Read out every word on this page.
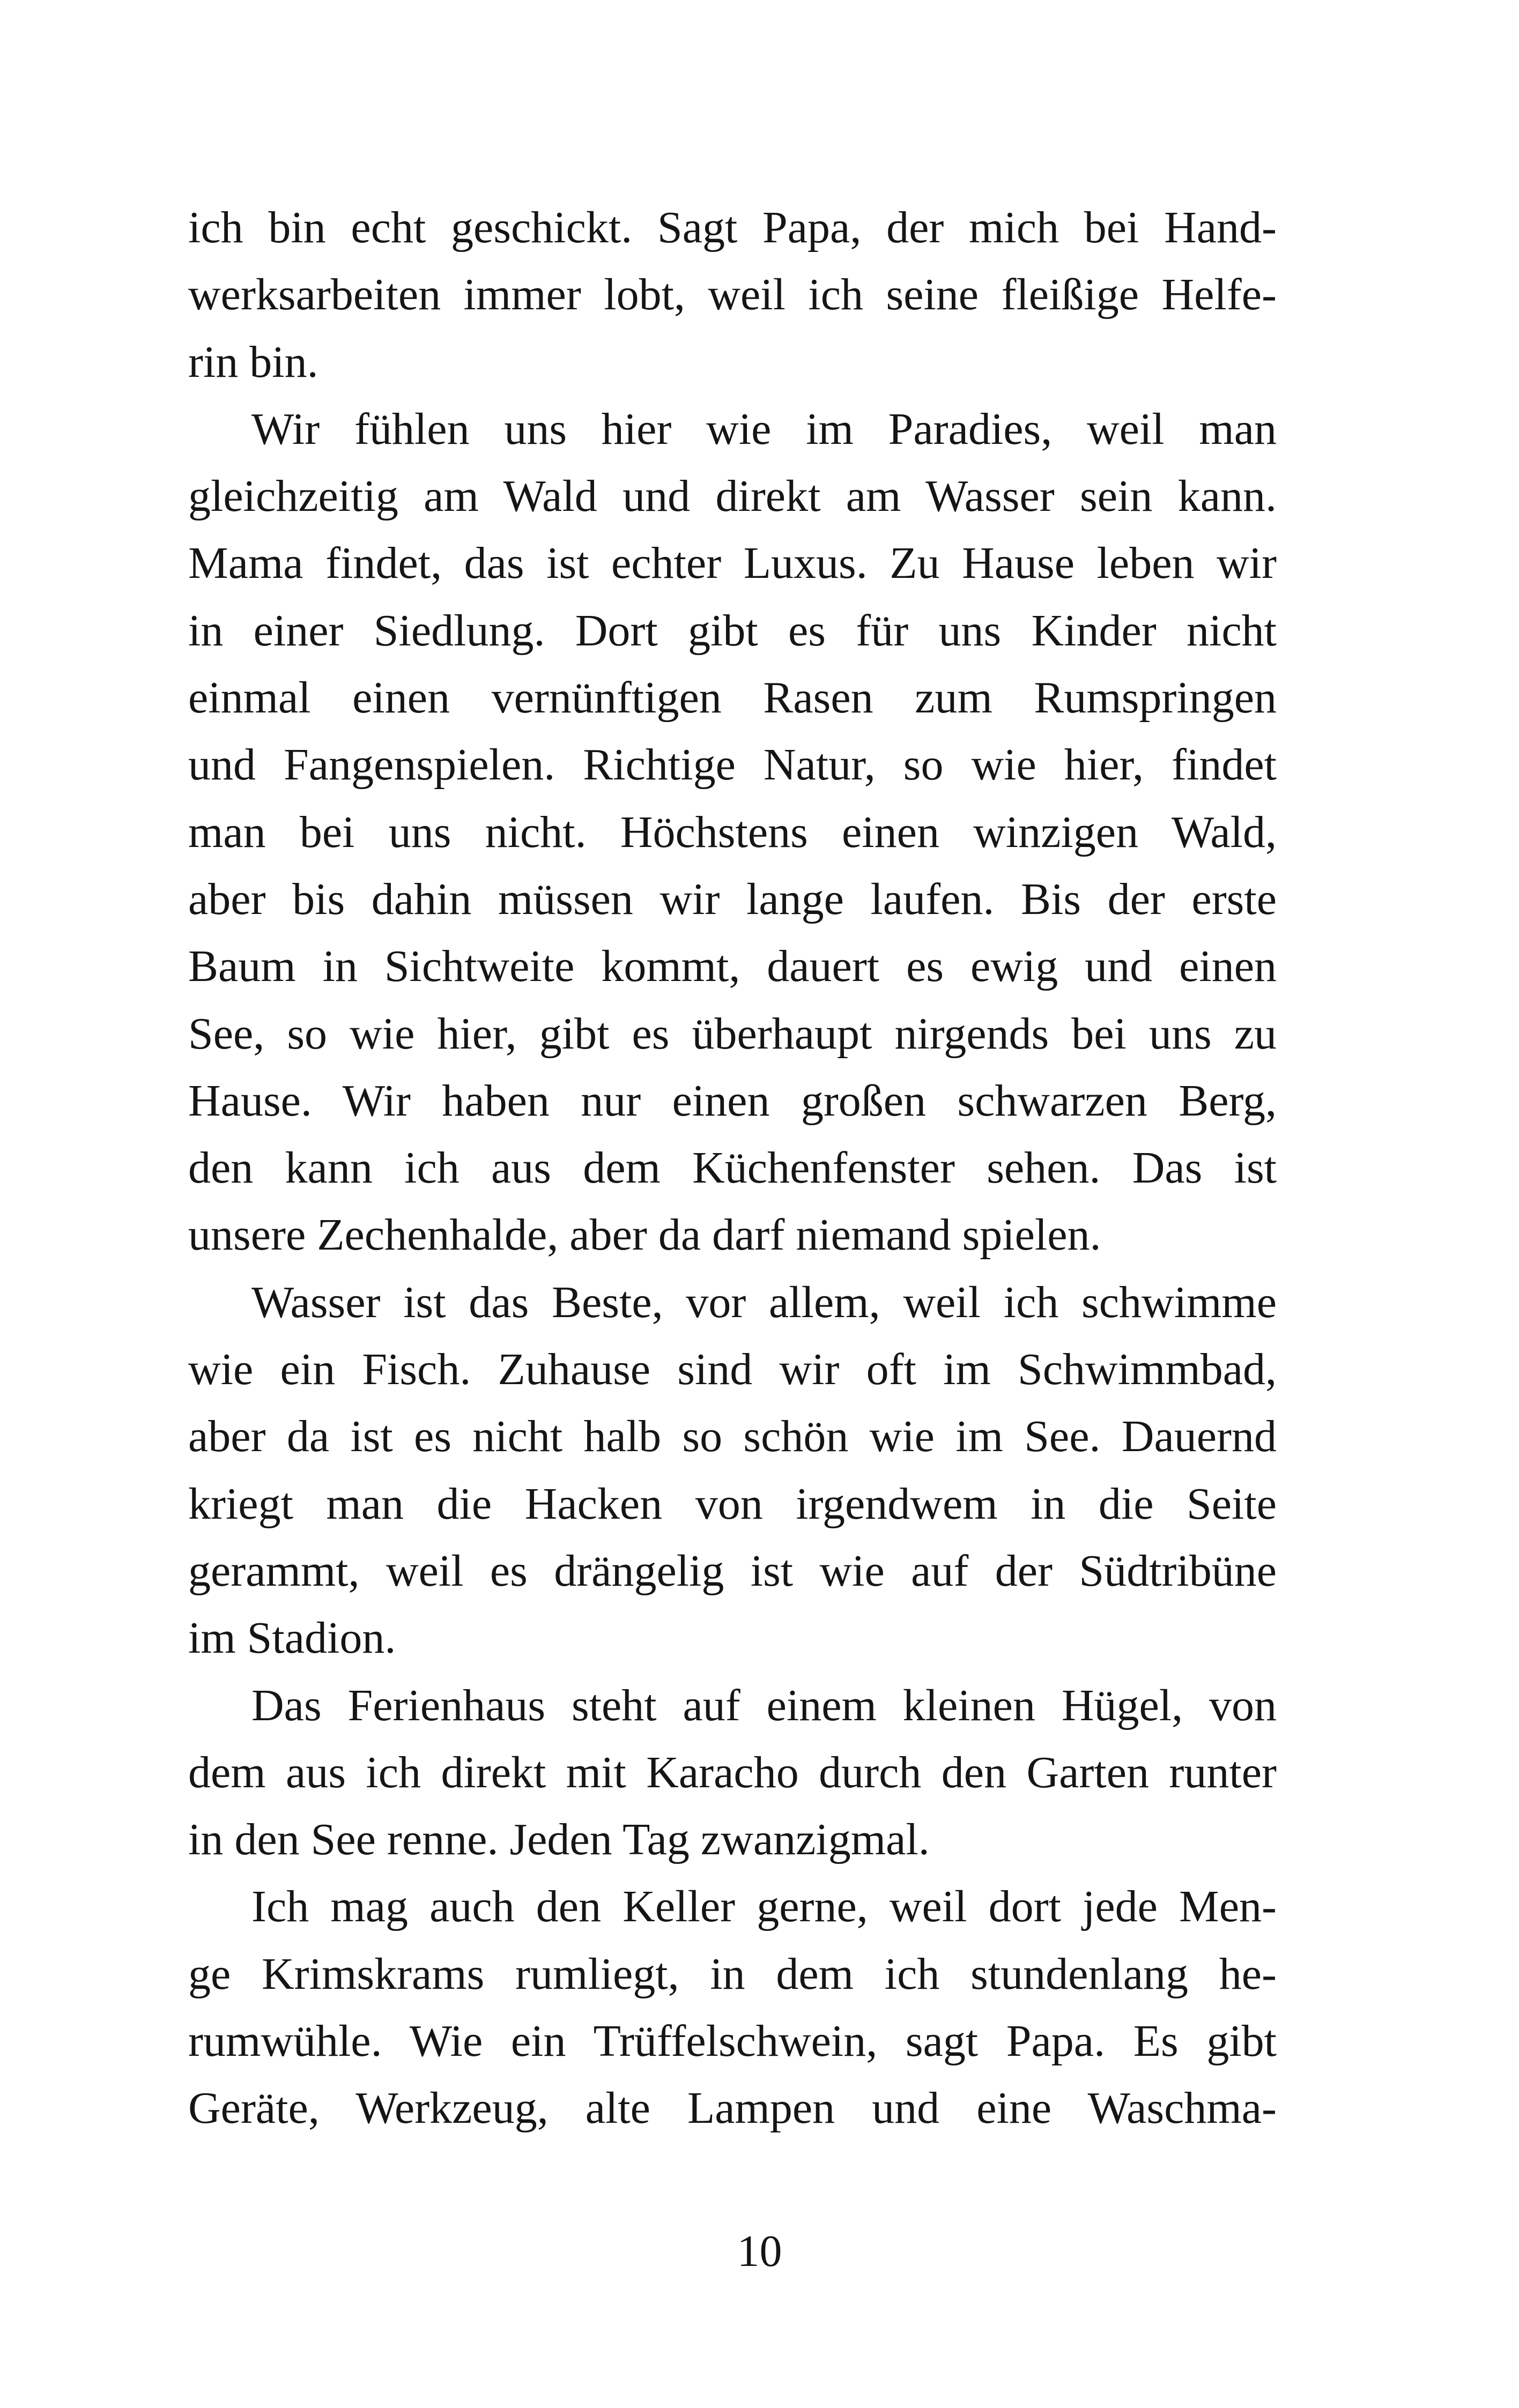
ich bin echt geschickt. Sagt Papa, der mich bei Hand-
werksarbeiten immer lobt, weil ich seine fleißige Helfe-
rin bin.
Wir fühlen uns hier wie im Paradies, weil man
gleichzeitig am Wald und direkt am Wasser sein kann.
Mama findet, das ist echter Luxus. Zu Hause leben wir
in einer Siedlung. Dort gibt es für uns Kinder nicht
einmal einen vernünftigen Rasen zum Rumspringen
und Fangenspielen. Richtige Natur, so wie hier, findet
man bei uns nicht. Höchstens einen winzigen Wald,
aber bis dahin müssen wir lange laufen. Bis der erste
Baum in Sichtweite kommt, dauert es ewig und einen
See, so wie hier, gibt es überhaupt nirgends bei uns zu
Hause. Wir haben nur einen großen schwarzen Berg,
den kann ich aus dem Küchenfenster sehen. Das ist
unsere Zechenhalde, aber da darf niemand spielen.
Wasser ist das Beste, vor allem, weil ich schwimme
wie ein Fisch. Zuhause sind wir oft im Schwimmbad,
aber da ist es nicht halb so schön wie im See. Dauernd
kriegt man die Hacken von irgendwem in die Seite
gerammt, weil es drängelig ist wie auf der Südtribüne
im Stadion.
Das Ferienhaus steht auf einem kleinen Hügel, von
dem aus ich direkt mit Karacho durch den Garten runter
in den See renne. Jeden Tag zwanzigmal.
Ich mag auch den Keller gerne, weil dort jede Men-
ge Krimskrams rumliegt, in dem ich stundenlang he-
rumwühle. Wie ein Trüffelschwein, sagt Papa. Es gibt
Geräte, Werkzeug, alte Lampen und eine Waschma-
10
